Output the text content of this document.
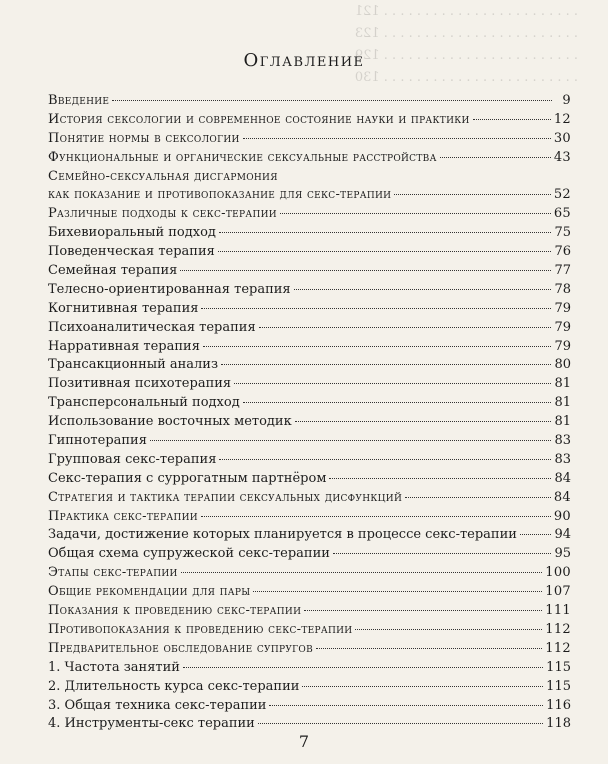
. . . . . . . . . . . . . . . . . . . . . . . . 121
. . . . . . . . . . . . . . . . . . . . . . . . 123
. . . . . . . . . . . . . . . . . . . . . . . . 129
. . . . . . . . . . . . . . . . . . . . . . . . 130
Оглавление
Введение	9
История сексологии и современное состояние науки и практики	12
Понятие нормы в сексологии	30
Функциональные и органические сексуальные расстройства	43
Семейно-сексуальная дисгармония
как показание и противопоказание для секс-терапии	52
Различные подходы к секс-терапии	65
Бихевиоральный подход	75
Поведенческая терапия	76
Семейная терапия	77
Телесно-ориентированная терапия	78
Когнитивная терапия	79
Психоаналитическая терапия	79
Нарративная терапия	79
Трансакционный анализ	80
Позитивная психотерапия	81
Трансперсональный подход	81
Использование восточных методик	81
Гипнотерапия	83
Групповая секс-терапия	83
Секс-терапия с суррогатным партнёром	84
Стратегия и тактика терапии сексуальных дисфункций	84
Практика секс-терапии	90
Задачи, достижение которых планируется в процессе секс-терапии	94
Общая схема супружеской секс-терапии	95
Этапы секс-терапии	100
Общие рекомендации для пары	107
Показания к проведению секс-терапии	111
Противопоказания к проведению секс-терапии	112
Предварительное обследование супругов	112
1. Частота занятий	115
2. Длительность курса секс-терапии	115
3. Общая техника секс-терапии	116
4. Инструменты-секс терапии	118
7
